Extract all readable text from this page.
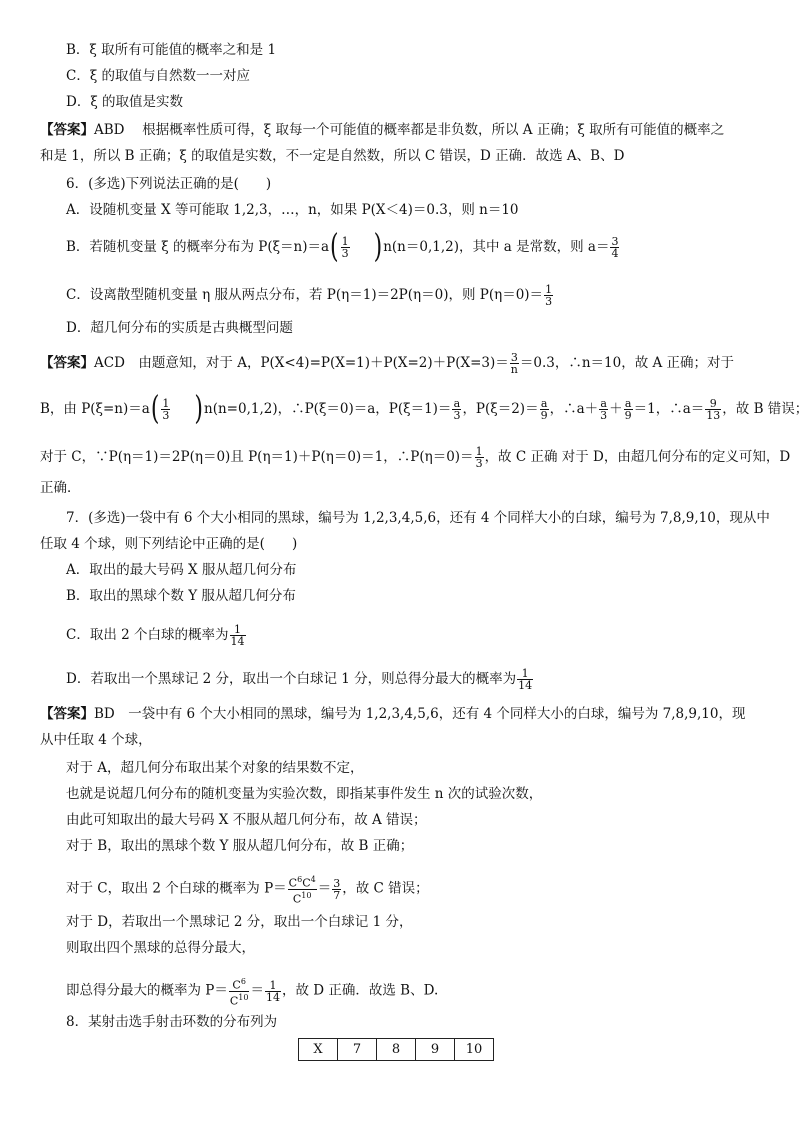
B．ξ 取所有可能值的概率之和是 1
C．ξ 的取值与自然数一一对应
D．ξ 的取值是实数
【答案】ABD　 根据概率性质可得，ξ 取每一个可能值的概率都是非负数，所以 A 正确；ξ 取所有可能值的概率之
和是 1，所以 B 正确；ξ 的取值是实数，不一定是自然数，所以 C 错误，D 正确．故选 A、B、D
6．(多选)下列说法正确的是(　　)
A．设随机变量 X 等可能取 1,2,3，…，n，如果 P(X＜4)＝0.3，则 n＝10
B．若随机变量 ξ 的概率分布为 $P(\xi=n)=a( \frac{1}{3} )n(n=0,1,2)$，其中 a 是常数，则 $a= \frac{3}{4}$
C．设离散型随机变量 η 服从两点分布，若 P(η＝1)＝2P(η＝0)，则 $P(\eta=0)= \frac{1}{3}$
D．超几何分布的实质是古典概型问题
【答案】ACD　由题意知，对于 A，$P(X<4)=P(X=1)+P(X=2)+P(X=3)= \frac{3}{n} =0.3$，∴n＝10，故 A 正确；对于
B，由 $P(\xi=n)=a( \frac{1}{3} )n(n=0,1,2)$，∴P(ξ＝0)＝a，$P(\xi=1)= \frac{a}{3}$ ，$P(\xi=2)= \frac{a}{9}$ ，∴a＋ $\frac{a}{3} + \frac{a}{9} =1$，∴a＝ $\frac{9}{13}$ ，故 B 错误；
对于 C，∵P(η＝1)＝2P(η＝0)且 P(η＝1)＋P(η＝0)＝1，∴P(η＝0)＝ $\frac{1}{3}$ ，故 C 正确 对于 D，由超几何分布的定义可知，D
正确．
7．(多选)一袋中有 6 个大小相同的黑球，编号为 1,2,3,4,5,6，还有 4 个同样大小的白球，编号为 7,8,9,10，现从中
任取 4 个球，则下列结论中正确的是(　　)
A．取出的最大号码 X 服从超几何分布
B．取出的黑球个数 Y 服从超几何分布
C．取出 2 个白球的概率为 $\frac{1}{14}$
D．若取出一个黑球记 2 分，取出一个白球记 1 分，则总得分最大的概率为 $\frac{1}{14}$
【答案】BD　一袋中有 6 个大小相同的黑球，编号为 1,2,3,4,5,6，还有 4 个同样大小的白球，编号为 7,8,9,10，现
从中任取 4 个球，
对于 A，超几何分布取出某个对象的结果数不定，
也就是说超几何分布的随机变量为实验次数，即指某事件发生 n 次的试验次数，
由此可知取出的最大号码 X 不服从超几何分布，故 A 错误；
对于 B，取出的黑球个数 Y 服从超几何分布，故 B 正确；
对于 C，取出 2 个白球的概率为 $P= \frac{C^6C^4}{C^{10}} = \frac{3}{7}$ ，故 C 错误；
对于 D，若取出一个黑球记 2 分，取出一个白球记 1 分，
则取出四个黑球的总得分最大，
即总得分最大的概率为 $P= \frac{C^6}{C^{10}} = \frac{1}{14}$ ，故 D 正确．故选 B、D.
8．某射击选手射击环数的分布列为
X	7	8	9	10
